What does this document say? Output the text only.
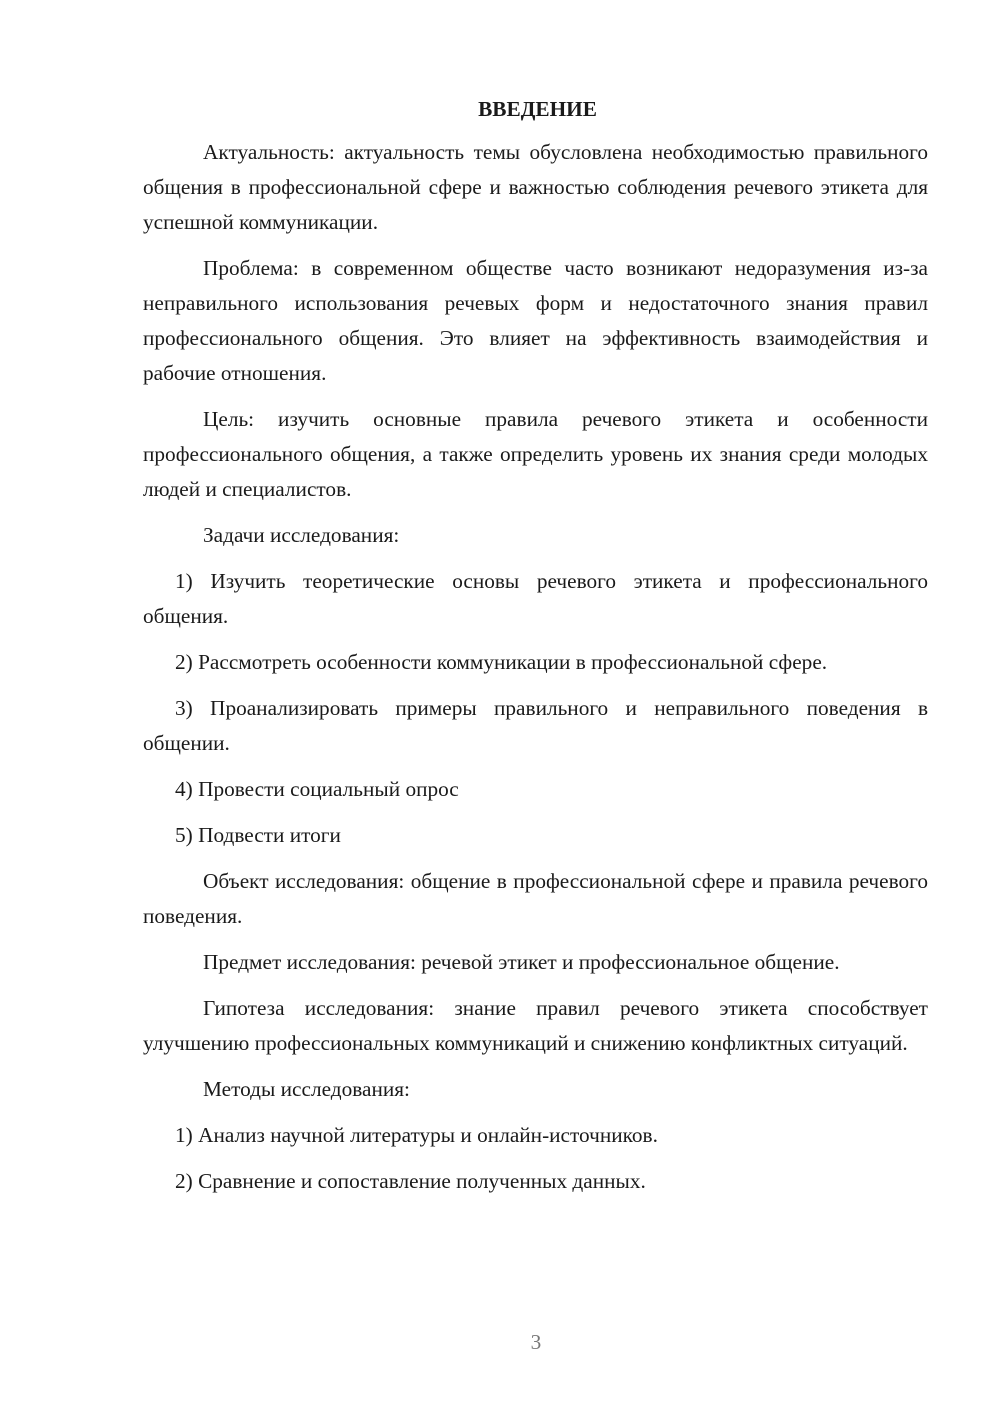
ВВЕДЕНИЕ

Актуальность: актуальность темы обусловлена необходимостью правильного общения в профессиональной сфере и важностью соблюдения речевого этикета для успешной коммуникации.

Проблема: в современном обществе часто возникают недоразумения из-за неправильного использования речевых форм и недостаточного знания правил профессионального общения. Это влияет на эффективность взаимодействия и рабочие отношения.

Цель: изучить основные правила речевого этикета и особенности профессионального общения, а также определить уровень их знания среди молодых людей и специалистов.

Задачи исследования:

1) Изучить теоретические основы речевого этикета и профессионального общения.

2) Рассмотреть особенности коммуникации в профессиональной сфере.

3) Проанализировать примеры правильного и неправильного поведения в общении.

4) Провести социальный опрос

5) Подвести итоги

Объект исследования: общение в профессиональной сфере и правила речевого поведения.

Предмет исследования: речевой этикет и профессиональное общение.

Гипотеза исследования: знание правил речевого этикета способствует улучшению профессиональных коммуникаций и снижению конфликтных ситуаций.

Методы исследования:

1) Анализ научной литературы и онлайн-источников.

2) Сравнение и сопоставление полученных данных.

3
